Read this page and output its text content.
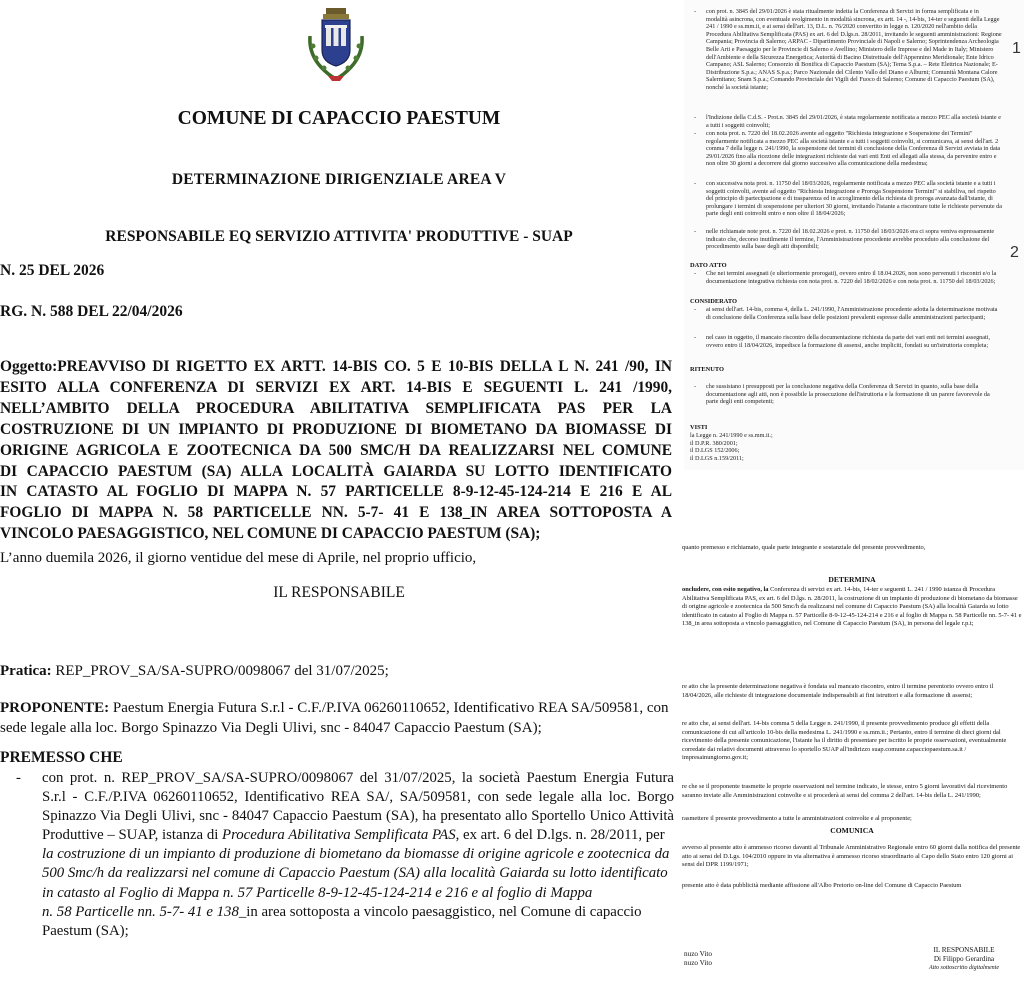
COMUNE DI CAPACCIO PAESTUM
DETERMINAZIONE DIRIGENZIALE AREA V
RESPONSABILE EQ SERVIZIO ATTIVITA' PRODUTTIVE - SUAP
N. 25 DEL 2026
RG. N. 588 DEL 22/04/2026
Oggetto:PREAVVISO DI RIGETTO EX ARTT. 14-BIS CO. 5 E 10-BIS DELLA L N. 241 /90, IN
ESITO ALLA CONFERENZA DI SERVIZI EX ART. 14-BIS E SEGUENTI L. 241 /1990,
NELL’AMBITO DELLA PROCEDURA ABILITATIVA SEMPLIFICATA PAS PER LA
COSTRUZIONE DI UN IMPIANTO DI PRODUZIONE DI BIOMETANO DA BIOMASSE DI
ORIGINE AGRICOLA E ZOOTECNICA DA 500 SMC/H DA REALIZZARSI NEL COMUNE
DI CAPACCIO PAESTUM (SA) ALLA LOCALITÀ GAIARDA SU LOTTO IDENTIFICATO
IN CATASTO AL FOGLIO DI MAPPA N. 57 PARTICELLE 8-9-12-45-124-214 E 216 E AL
FOGLIO DI MAPPA N. 58 PARTICELLE NN. 5-7- 41 E 138_IN AREA SOTTOPOSTA A
VINCOLO PAESAGGISTICO, NEL COMUNE DI CAPACCIO PAESTUM (SA);
L’anno duemila 2026, il giorno ventidue del mese di Aprile, nel proprio ufficio,
IL RESPONSABILE
Pratica: REP_PROV_SA/SA-SUPRO/0098067 del 31/07/2025;
PROPONENTE: Paestum Energia Futura S.r.l - C.F./P.IVA 06260110652, Identificativo REA SA/509581, con
sede legale alla loc. Borgo Spinazzo Via Degli Ulivi, snc - 84047 Capaccio Paestum (SA);
PREMESSO CHE
- con prot. n. REP_PROV_SA/SA-SUPRO/0098067 del 31/07/2025, la società Paestum Energia Futura
S.r.l - C.F./P.IVA 06260110652, Identificativo REA SA/, SA/509581, con sede legale alla loc. Borgo
Spinazzo Via Degli Ulivi, snc - 84047 Capaccio Paestum (SA), ha presentato allo Sportello Unico Attività
Produttive – SUAP, istanza di Procedura Abilitativa Semplificata PAS, ex art. 6 del D.lgs. n. 28/2011, per
la costruzione di un impianto di produzione di biometano da biomasse di origine agricole e zootecnica da 500 Smc/h da realizzarsi nel comune di Capaccio Paestum (SA) alla località Gaiarda su lotto identificato in catasto al Foglio di Mappa n. 57 Particelle 8-9-12-45-124-214 e 216 e al foglio di Mappa
n. 58 Particelle nn. 5-7- 41 e 138_in area sottoposta a vincolo paesaggistico, nel Comune di capaccio
Paestum (SA);
1
2
- con prot. n. 3845 del 29/01/2026 è stata ritualmente indetta la Conferenza di Servizi in forma semplificata e in modalità asincrona, con eventuale svolgimento in modalità sincrona, ex artt. 14 -, 14-bis, 14-ter e seguenti della Legge 241 / 1990 e ss.mm.ii, e ai sensi dell'art. 13, D.L. n. 76/2020 convertito in legge n. 120/2020 nell'ambito della Procedura Abilitativa Semplificata (PAS) ex art. 6 del D.lgs.n. 28/2011, invitando le seguenti amministrazioni: Regione Campania; Provincia di Salerno; ARPAC - Dipartimento Provinciale di Napoli e Salerno; Soprintendenza Archeologia Belle Arti e Paesaggio per le Provincie di Salerno e Avellino; Ministero delle Imprese e del Made in Italy; Ministero dell'Ambiente e della Sicurezza Energetica; Autorità di Bacino Distrettuale dell'Appennino Meridionale; Ente Idrico Campano; ASL Salerno; Consorzio di Bonifica di Capaccio Paestum (SA); Terna S.p.a. – Rete Elettrica Nazionale; E-Distribuzione S.p.a.; ANAS S.p.a.; Parco Nazionale del Cilento Vallo del Diano e Alburni; Comunità Montana Calore Salernitano; Snam S.p.a.; Comando Provinciale dei Vigili del Fuoco di Salerno; Comune di Capaccio Paestum (SA), nonché la società istante;
- l'Indizione della C.d.S. - Prot.n. 3845 del 29/01/2026, è stata regolarmente notificata a mezzo PEC alla società istante e a tutti i soggetti coinvolti;
- con nota prot. n. 7220 del 18.02.2026 avente ad oggetto "Richiesta integrazione e Sospensione dei Termini" regolarmente notificata a mezzo PEC alla società istante e a tutti i soggetti coinvolti, si comunicava, ai sensi dell'art. 2 comma 7 della legge n. 241/1990, la sospensione dei termini di conclusione della Conferenza di Servizi avviata in data 29/01/2026 fino alla ricezione delle integrazioni richieste dai vari enti Enti ed allegati alla stessa, da pervenire entro e non oltre 30 giorni a decorrere dal giorno successivo alla comunicazione della medesima;
- con successiva nota prot. n. 11750 del 18/03/2026, regolarmente notificata a mezzo PEC alla società istante e a tutti i soggetti coinvolti, avente ad oggetto "Richiesta Integrazione e Proroga Sospensione Termini" si stabiliva, nel rispetto del principio di partecipazione e di trasparenza ed in accoglimento della richiesta di proroga avanzata dall'istante, di prolungare i termini di sospensione per ulteriori 30 giorni, invitando l'istante a riscontrare tutte le richieste pervenute da parte degli enti coinvolti entro e non oltre il 18/04/2026;
- nelle richiamate note prot. n. 7220 del 18.02.2026 e prot. n. 11750 del 18/03/2026 era ci sopra veniva espressamente indicato che, decorso inutilmente il termine, l'Amministrazione procedente avrebbe proceduto alla conclusione del procedimento sulla base degli atti disponibili;
DATO ATTO
- Che nei termini assegnati (e ulteriormente prorogati), ovvero entro il 18.04.2026, non sono pervenuti i riscontri e/o la documentazione integrativa richiesta con nota prot. n. 7220 del 18/02/2026 e con nota prot. n. 11750 del 18/03/2026;
CONSIDERATO
- ai sensi dell'art. 14-bis, comma 4, della L. 241/1990, l'Amministrazione procedente adotta la determinazione motivata di conclusione della Conferenza sulla base delle posizioni prevalenti espresse dalle amministrazioni partecipanti;
- nel caso in oggetto, il mancato riscontro della documentazione richiesta da parte dei vari enti nei termini assegnati, ovvero entro il 18/04/2026, impedisce la formazione di assensi, anche impliciti, fondati su un'istruttoria completa;
RITENUTO
- che sussistano i presupposti per la conclusione negativa della Conferenza di Servizi in quanto, sulla base della documentazione agli atti, non è possibile la prosecuzione dell'istruttoria e la formazione di un parere favorevole da parte degli enti competenti;
VISTI
la Legge n. 241/1990 e ss.mm.ii.;
il D.P.R. 380/2001;
il D.LGS 152/2006;
il D.LGS n.159/2011;
quanto premesso e richiamato, quale parte integrante e sostanziale del presente provvedimento,
DETERMINA
oncludere, con esito negativo, la Conferenza di servizi ex art. 14-bis, 14-ter e seguenti L. 241 / 1990 istanza di Procedura Abilitativa Semplificata PAS, ex art. 6 del D.lgs. n. 28/2011, la costruzione di un impianto di produzione di biometano da biomasse di origine agricole e zootecnica da 500 Smc/h da realizzarsi nel comune di Capaccio Paestum (SA) alla località Gaiarda su lotto identificato in catasto al Foglio di Mappa n. 57 Particelle 8-9-12-45-124-214 e 216 e al foglio di Mappa n. 58 Particelle nn. 5-7- 41 e 138_in area sottoposta a vincolo paesaggistico, nel Comune di Capaccio Paestum (SA), in persona del legale r.p.t;
re atto che la presente determinazione negativa è fondata sul mancato riscontro, entro il termine perentorio ovvero entro il 18/04/2026, alle richieste di integrazione documentale indispensabili ai fini istruttori e alla formazione di assensi;
re atto che, ai sensi dell'art. 14-bis comma 5 della Legge n. 241/1990, il presente provvedimento produce gli effetti della comunicazione di cui all'articolo 10-bis della medesima L. 241/1990 e ss.mm.ii.; Pertanto, entro il termine di dieci giorni dal ricevimento della presente comunicazione, l'istante ha il diritto di presentare per iscritto le proprie osservazioni, eventualmente corredate dai relativi documenti attraverso lo sportello SUAP all'indirizzo suap.comune.capacciopaestum.sa.it / impresainungiorno.gov.it;
re che se il proponente trasmette le proprie osservazioni nel termine indicato, le stesse, entro 5 giorni lavorativi dal ricevimento saranno inviate alle Amministrazioni coinvolte e si procederà ai sensi del comma 2 dell'art. 14-bis della L. 241/1990;
rasmettere il presente provvedimento a tutte le amministrazioni coinvolte e al proponente;
COMUNICA
avverso al presente atto è ammesso ricorso davanti al Tribunale Amministrativo Regionale entro 60 giorni dalla notifica del presente atto ai sensi del D.Lgs. 104/2010 oppure in via alternativa è ammesso ricorso straordinario al Capo dello Stato entro 120 giorni ai sensi del DPR 1199/1971;
presente atto è data pubblicità mediante affissione all'Albo Pretorio on-line del Comune di Capaccio Paestum
nuzo Vito
nuzo Vito
IL RESPONSABILE
Di Filippo Gerardina
Atto sottoscritto digitalmente
